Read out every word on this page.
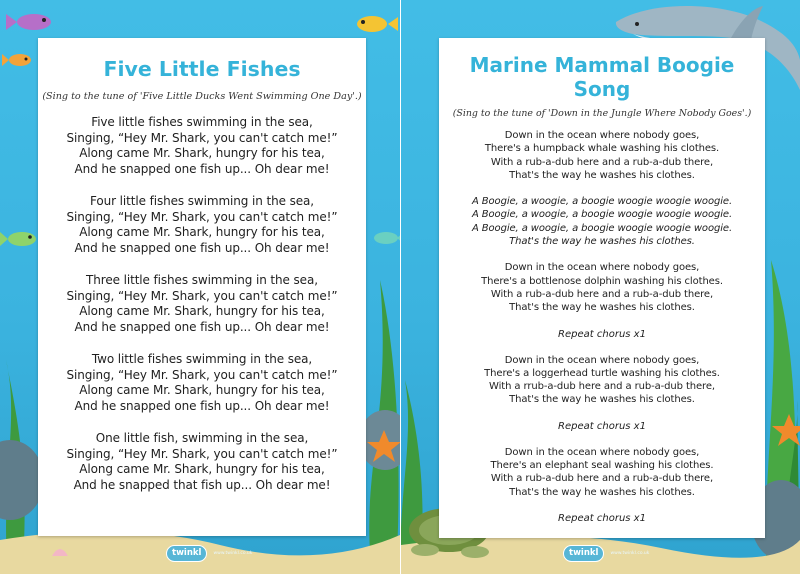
Five Little Fishes
(Sing to the tune of 'Five Little Ducks Went Swimming One Day'.)
Five little fishes swimming in the sea,
Singing, “Hey Mr. Shark, you can't catch me!”
Along came Mr. Shark, hungry for his tea,
And he snapped one fish up... Oh dear me!
Four little fishes swimming in the sea,
Singing, “Hey Mr. Shark, you can't catch me!”
Along came Mr. Shark, hungry for his tea,
And he snapped one fish up... Oh dear me!
Three little fishes swimming in the sea,
Singing, “Hey Mr. Shark, you can't catch me!”
Along came Mr. Shark, hungry for his tea,
And he snapped one fish up... Oh dear me!
Two little fishes swimming in the sea,
Singing, “Hey Mr. Shark, you can't catch me!”
Along came Mr. Shark, hungry for his tea,
And he snapped one fish up... Oh dear me!
One little fish, swimming in the sea,
Singing, “Hey Mr. Shark, you can't catch me!”
Along came Mr. Shark, hungry for his tea,
And he snapped that fish up... Oh dear me!
twinkl	www.twinkl.co.uk
Marine Mammal Boogie Song
(Sing to the tune of 'Down in the Jungle Where Nobody Goes'.)
Down in the ocean where nobody goes,
There's a humpback whale washing his clothes.
With a rub-a-dub here and a rub-a-dub there,
That's the way he washes his clothes.
A Boogie, a woogie, a boogie woogie woogie woogie.
A Boogie, a woogie, a boogie woogie woogie woogie.
A Boogie, a woogie, a boogie woogie woogie woogie.
That's the way he washes his clothes.
Down in the ocean where nobody goes,
There's a bottlenose dolphin washing his clothes.
With a rub-a-dub here and a rub-a-dub there,
That's the way he washes his clothes.
Repeat chorus x1
Down in the ocean where nobody goes,
There's a loggerhead turtle washing his clothes.
With a rrub-a-dub here and a rub-a-dub there,
That's the way he washes his clothes.
Repeat chorus x1
Down in the ocean where nobody goes,
There's an elephant seal washing his clothes.
With a rub-a-dub here and a rub-a-dub there,
That's the way he washes his clothes.
Repeat chorus x1
twinkl	www.twinkl.co.uk
